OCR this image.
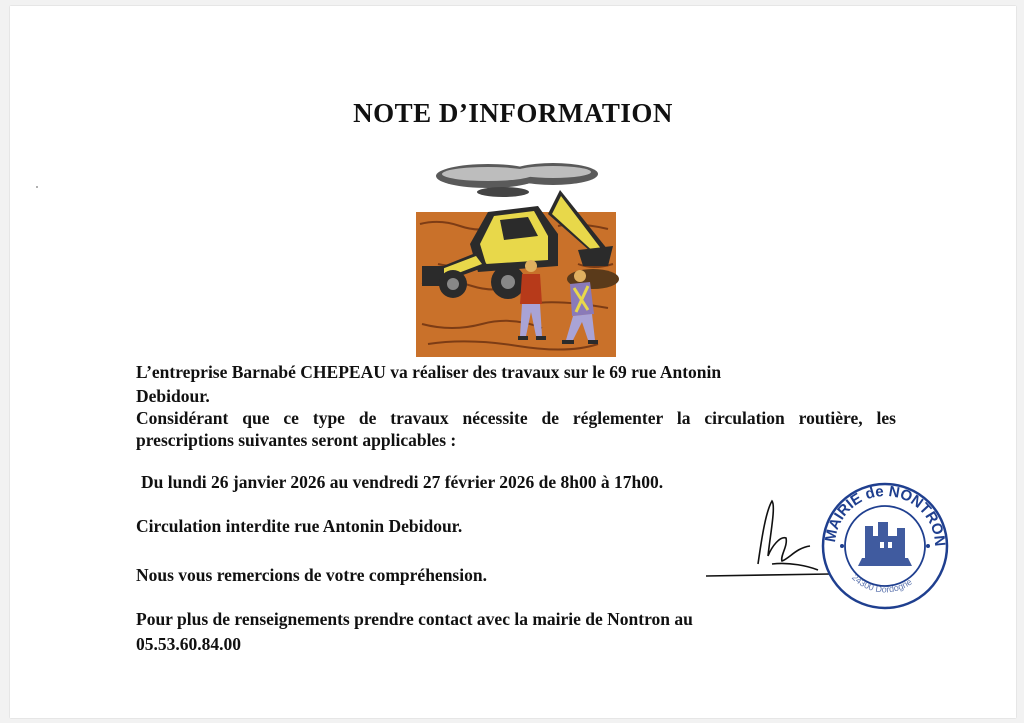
NOTE D’INFORMATION
L’entreprise Barnabé CHEPEAU va réaliser des travaux sur le 69 rue Antonin
Debidour.
Considérant que ce type de travaux nécessite de réglementer la circulation routière, les
prescriptions suivantes seront applicables :
Du lundi 26 janvier 2026 au vendredi 27 février 2026 de 8h00 à 17h00.
Circulation interdite rue Antonin Debidour.
Nous vous remercions de votre compréhension.
Pour plus de renseignements prendre contact avec la mairie de Nontron au
05.53.60.84.00
MAIRIE de NONTRON
24300 Dordogne
